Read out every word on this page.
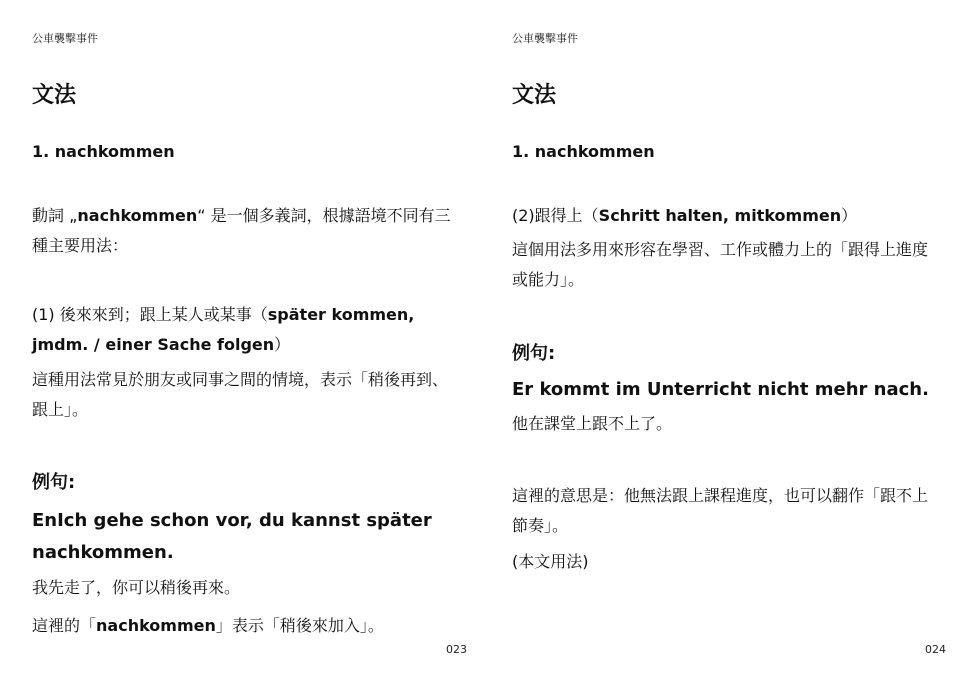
公車襲擊事件
文法
1. nachkommen

動詞 „nachkommen“ 是一個多義詞，根據語境不同有三種主要用法：

(1) 後來來到；跟上某人或某事（später kommen, jmdm. / einer Sache folgen）

這種用法常見於朋友或同事之間的情境，表示「稍後再到、跟上」。

例句:

EnIch gehe schon vor, du kannst später nachkommen.

我先走了，你可以稍後再來。

這裡的「nachkommen」表示「稍後來加入」。

023
公車襲擊事件
文法
1. nachkommen

(2)跟得上（Schritt halten, mitkommen）

這個用法多用來形容在學習、工作或體力上的「跟得上進度或能力」。

例句:

Er kommt im Unterricht nicht mehr nach.

他在課堂上跟不上了。

這裡的意思是：他無法跟上課程進度，也可以翻作「跟不上節奏」。

(本文用法)

024
